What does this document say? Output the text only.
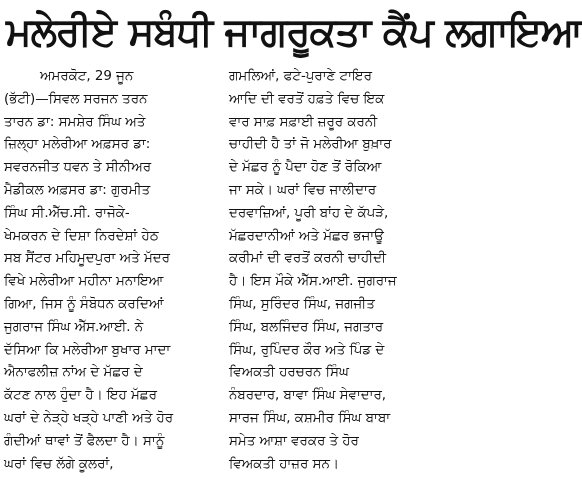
ਮਲੇਰੀਏ ਸਬੰਧੀ ਜਾਗਰੂਕਤਾ ਕੈਂਪ ਲਗਾਇਆ

ਅਮਰਕੋਟ, 29 ਜੂਨ

(ਭੱਟੀ)—ਸਿਵਲ ਸਰਜਨ ਤਰਨ

ਤਾਰਨ ਡਾ: ਸਮਸ਼ੇਰ ਸਿੰਘ ਅਤੇ

ਜ਼ਿਲ੍ਹਾ ਮਲੇਰੀਆ ਅਫ਼ਸਰ ਡਾ:

ਸਵਰਨਜੀਤ ਧਵਨ ਤੇ ਸੀਨੀਅਰ

ਮੈਡੀਕਲ ਅਫ਼ਸਰ ਡਾ: ਗੁਰਮੀਤ

ਸਿੰਘ ਸੀ.ਐੱਚ.ਸੀ. ਰਾਜੋਕੇ-

ਖੇਮਕਰਨ ਦੇ ਦਿਸ਼ਾ ਨਿਰਦੇਸ਼ਾਂ ਹੇਠ

ਸਬ ਸੈਂਟਰ ਮਹਿਮੂਦਪੁਰਾ ਅਤੇ ਮੱਦਰ

ਵਿਖੇ ਮਲੇਰੀਆ ਮਹੀਨਾ ਮਨਾਇਆ

ਗਿਆ, ਜਿਸ ਨੂੰ ਸੰਬੋਧਨ ਕਰਦਿਆਂ

ਜੁਗਰਾਜ ਸਿੰਘ ਐੱਸ.ਆਈ. ਨੇ

ਦੱਸਿਆ ਕਿ ਮਲੇਰੀਆ ਬੁਖਾਰ ਮਾਦਾ

ਐਨਾਫਲੀਜ਼ ਨਾਂਅ ਦੇ ਮੱਛਰ ਦੇ

ਕੱਟਣ ਨਾਲ ਹੁੰਦਾ ਹੈ। ਇਹ ਮੱਛਰ

ਘਰਾਂ ਦੇ ਨੇੜ੍ਹੇ ਖੜ੍ਹੇ ਪਾਣੀ ਅਤੇ ਹੋਰ

ਗੰਦੀਆਂ ਥਾਵਾਂ ਤੋਂ ਫੈਲਦਾ ਹੈ। ਸਾਨੂੰ

ਘਰਾਂ ਵਿਚ ਲੱਗੇ ਕੂਲਰਾਂ,

ਗਮਲਿਆਂ, ਫਟੇ-ਪੁਰਾਣੇ ਟਾਇਰ

ਆਦਿ ਦੀ ਵਰਤੋਂ ਹਫ਼ਤੇ ਵਿਚ ਇਕ

ਵਾਰ ਸਾਫ਼ ਸਫ਼ਾਈ ਜ਼ਰੂਰ ਕਰਨੀ

ਚਾਹੀਦੀ ਹੈ ਤਾਂ ਜੋ ਮਲੇਰੀਆ ਬੁਖ਼ਾਰ

ਦੇ ਮੱਛਰ ਨੂੰ ਪੈਦਾ ਹੋਣ ਤੋਂ ਰੋਕਿਆ

ਜਾ ਸਕੇ। ਘਰਾਂ ਵਿਚ ਜਾਲੀਦਾਰ

ਦਰਵਾਜ਼ਿਆਂ, ਪੂਰੀ ਬਾਂਹ ਦੇ ਕੱਪੜੇ,

ਮੱਛਰਦਾਨੀਆਂ ਅਤੇ ਮੱਛਰ ਭਜਾਊ

ਕਰੀਮਾਂ ਦੀ ਵਰਤੋਂ ਕਰਨੀ ਚਾਹੀਦੀ

ਹੈ। ਇਸ ਮੌਕੇ ਐੱਸ.ਆਈ. ਜੁਗਰਾਜ

ਸਿੰਘ, ਸੁਰਿੰਦਰ ਸਿੰਘ, ਜਗਜੀਤ

ਸਿੰਘ, ਬਲਜਿੰਦਰ ਸਿੰਘ, ਜਗਤਾਰ

ਸਿੰਘ, ਰੁਪਿੰਦਰ ਕੌਰ ਅਤੇ ਪਿੰਡ ਦੇ

ਵਿਅਕਤੀ ਹਰਚਰਨ ਸਿੰਘ

ਨੰਬਰਦਾਰ, ਬਾਵਾ ਸਿੰਘ ਸੇਵਾਦਾਰ,

ਸਾਰਜ ਸਿੰਘ, ਕਸ਼ਮੀਰ ਸਿੰਘ ਬਾਬਾ

ਸਮੇਤ ਆਸ਼ਾ ਵਰਕਰ ਤੇ ਹੋਰ

ਵਿਅਕਤੀ ਹਾਜ਼ਰ ਸਨ।
